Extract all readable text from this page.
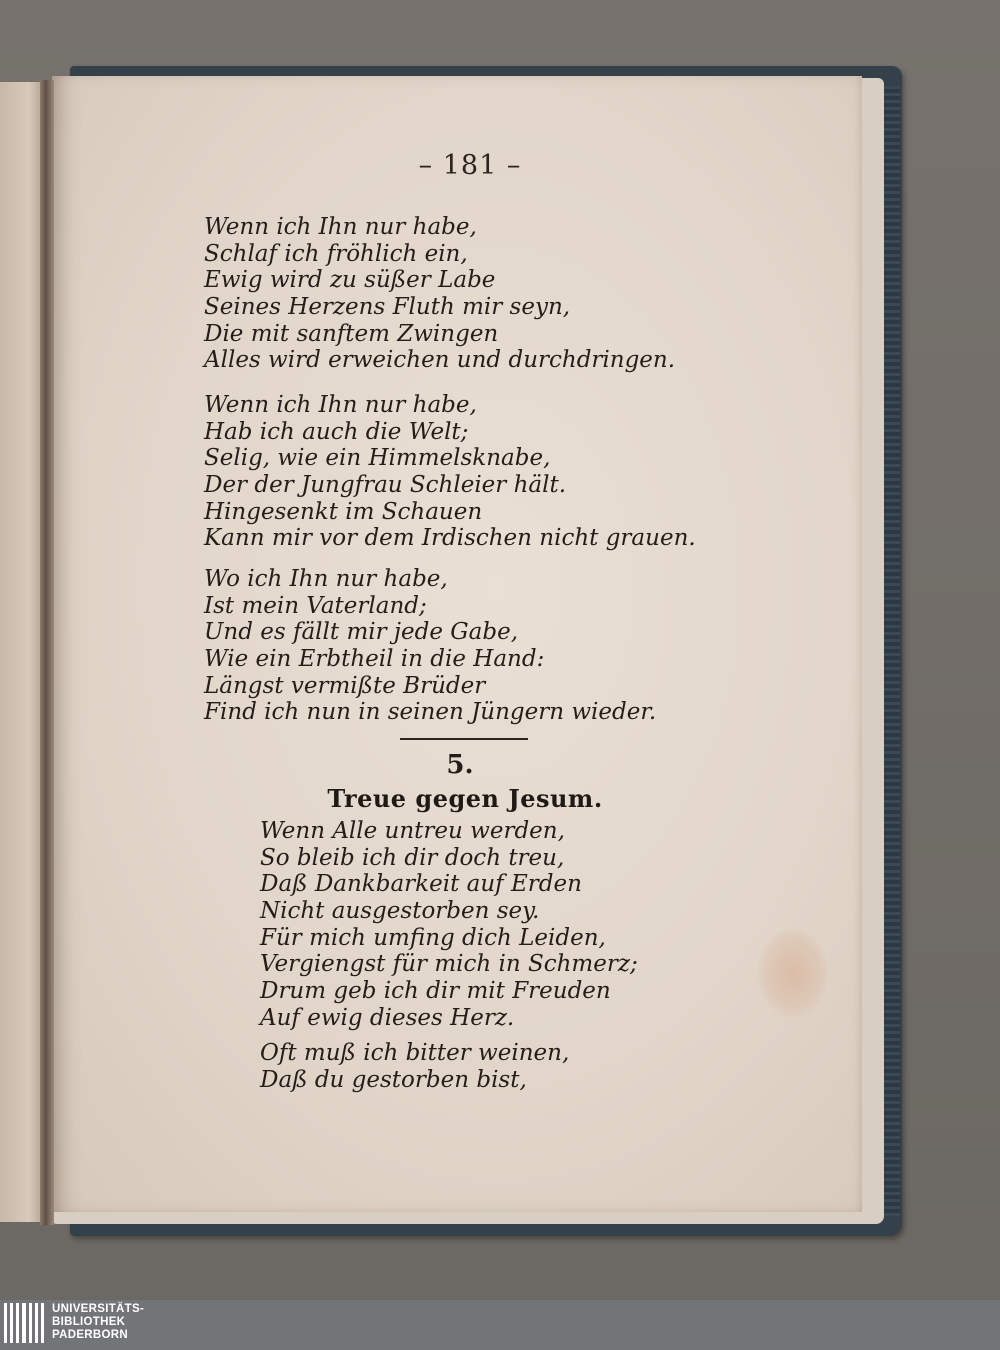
– 181 –
Wenn ich Ihn nur habe,
Schlaf ich fröhlich ein,
Ewig wird zu süßer Labe
Seines Herzens Fluth mir seyn,
Die mit sanftem Zwingen
Alles wird erweichen und durchdringen.
Wenn ich Ihn nur habe,
Hab ich auch die Welt;
Selig, wie ein Himmelsknabe,
Der der Jungfrau Schleier hält.
Hingesenkt im Schauen
Kann mir vor dem Irdischen nicht grauen.
Wo ich Ihn nur habe,
Ist mein Vaterland;
Und es fällt mir jede Gabe,
Wie ein Erbtheil in die Hand:
Längst vermißte Brüder
Find ich nun in seinen Jüngern wieder.
5.
Treue gegen Jesum.
Wenn Alle untreu werden,
So bleib ich dir doch treu,
Daß Dankbarkeit auf Erden
Nicht ausgestorben sey.
Für mich umfing dich Leiden,
Vergiengst für mich in Schmerz;
Drum geb ich dir mit Freuden
Auf ewig dieses Herz.
Oft muß ich bitter weinen,
Daß du gestorben bist,
UNIVERSITÄTS-
BIBLIOTHEK
PADERBORN
